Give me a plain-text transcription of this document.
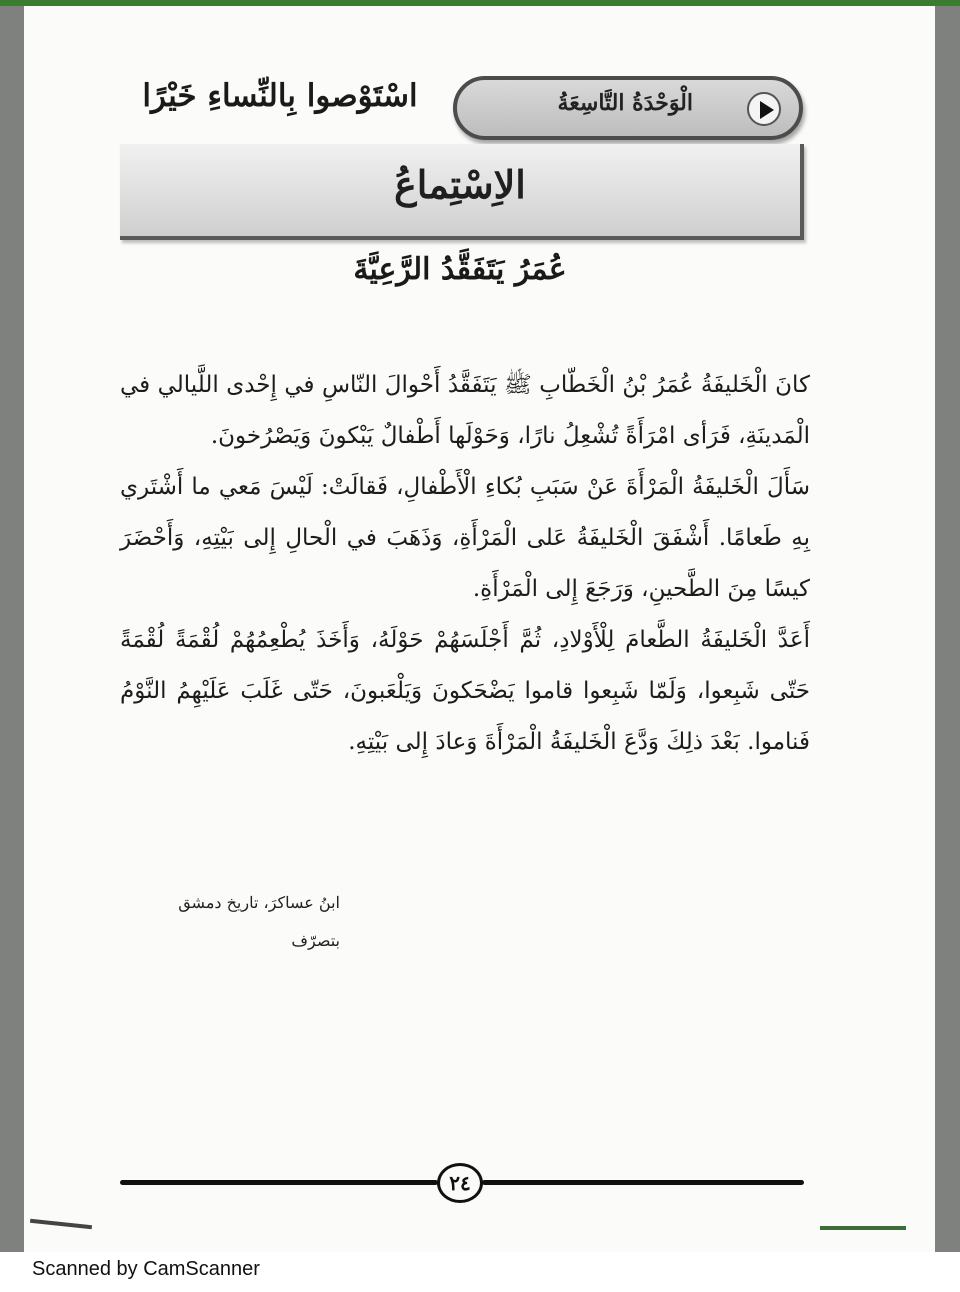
الْوَحْدَةُ التَّاسِعَةُ
اسْتَوْصوا بِالنِّساءِ خَيْرًا
الاِسْتِماعُ
عُمَرُ يَتَفَقَّدُ الرَّعِيَّةَ

كانَ الْخَليفَةُ عُمَرُ بْنُ الْخَطّابِ ﷺ يَتَفَقَّدُ أَحْوالَ النّاسِ في إِحْدى اللَّيالي في الْمَدينَةِ، فَرَأى امْرَأَةً تُشْعِلُ نارًا، وَحَوْلَها أَطْفالٌ يَبْكونَ وَيَصْرُخونَ.

سَأَلَ الْخَليفَةُ الْمَرْأَةَ عَنْ سَبَبِ بُكاءِ الْأَطْفالِ، فَقالَتْ: لَيْسَ مَعي ما أَشْتَري بِهِ طَعامًا. أَشْفَقَ الْخَليفَةُ عَلى الْمَرْأَةِ، وَذَهَبَ في الْحالِ إِلى بَيْتِهِ، وَأَحْضَرَ كيسًا مِنَ الطَّحينِ، وَرَجَعَ إِلى الْمَرْأَةِ.

أَعَدَّ الْخَليفَةُ الطَّعامَ لِلْأَوْلادِ، ثُمَّ أَجْلَسَهُمْ حَوْلَهُ، وَأَخَذَ يُطْعِمُهُمْ لُقْمَةً لُقْمَةً حَتّى شَبِعوا، وَلَمّا شَبِعوا قاموا يَضْحَكونَ وَيَلْعَبونَ، حَتّى غَلَبَ عَلَيْهِمُ النَّوْمُ فَناموا. بَعْدَ ذلِكَ وَدَّعَ الْخَليفَةُ الْمَرْأَةَ وَعادَ إِلى بَيْتِهِ.

ابنُ عساكرَ، تاريخ دمشق
بتصرّف
٢٤
Scanned by CamScanner
